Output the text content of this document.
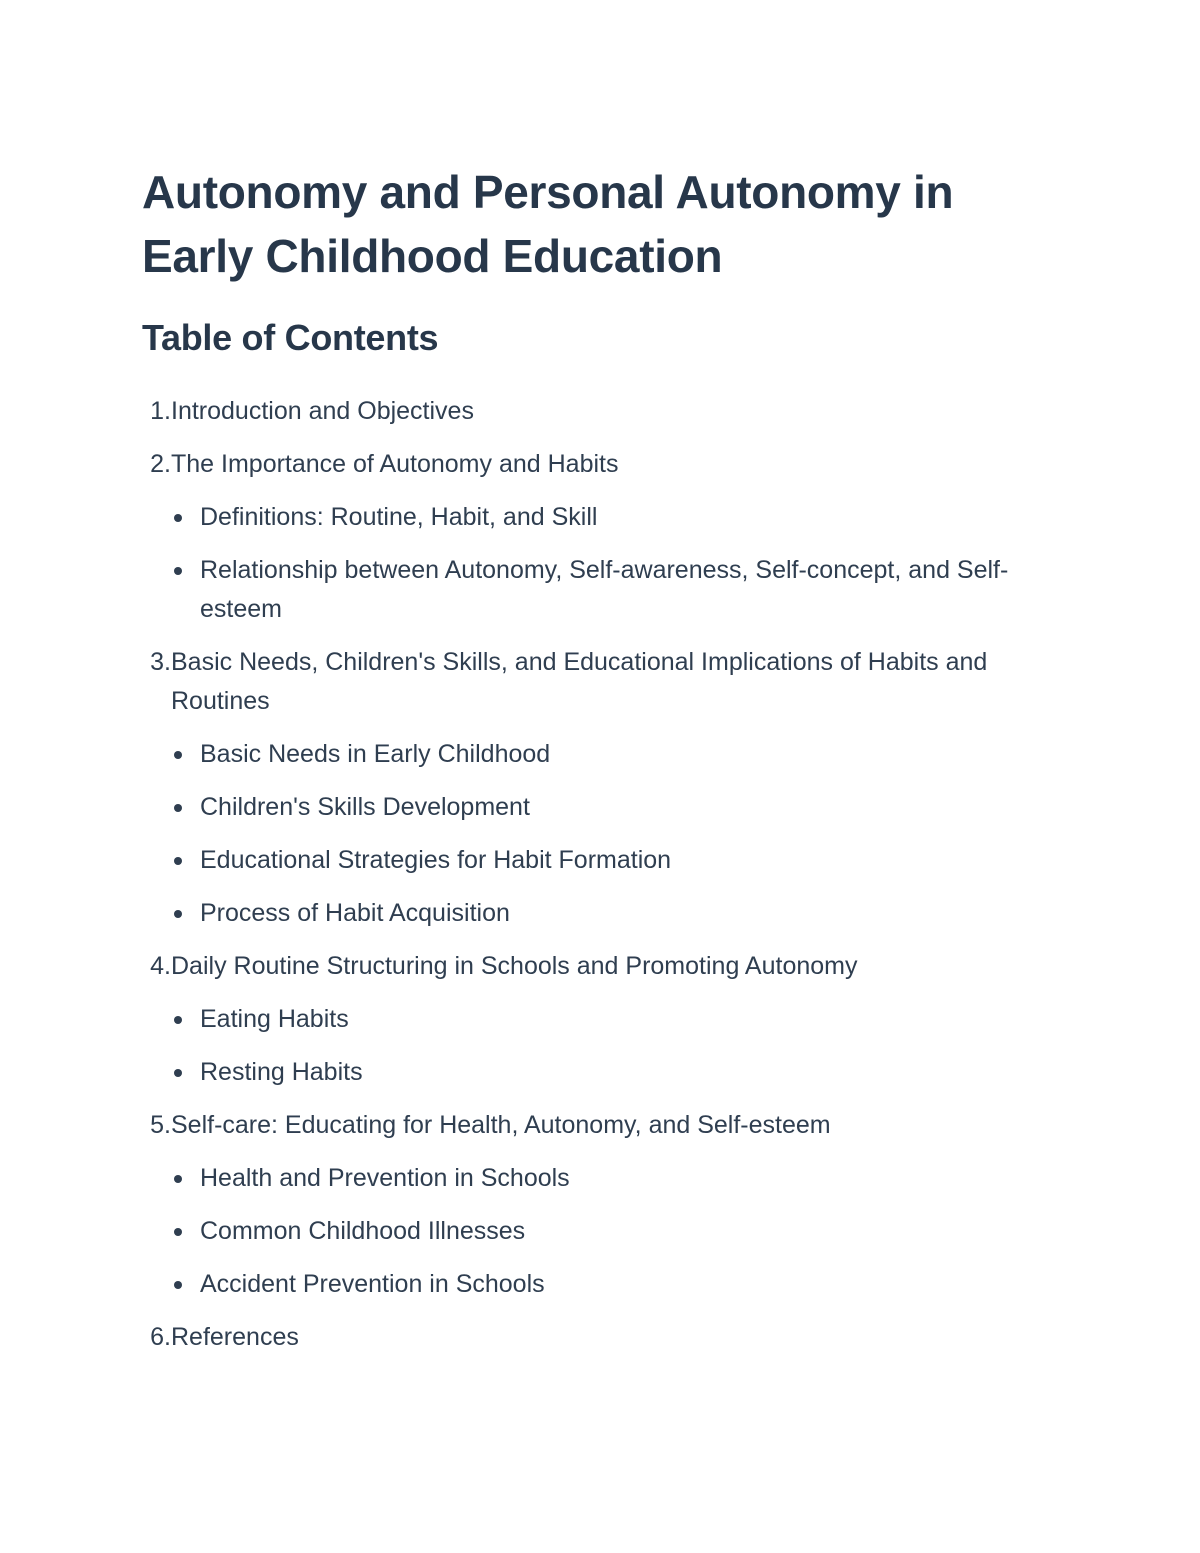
Autonomy and Personal Autonomy in Early Childhood Education
Table of Contents
1. Introduction and Objectives
2. The Importance of Autonomy and Habits
Definitions: Routine, Habit, and Skill
Relationship between Autonomy, Self-awareness, Self-concept, and Self-esteem
3. Basic Needs, Children's Skills, and Educational Implications of Habits and Routines
Basic Needs in Early Childhood
Children's Skills Development
Educational Strategies for Habit Formation
Process of Habit Acquisition
4. Daily Routine Structuring in Schools and Promoting Autonomy
Eating Habits
Resting Habits
5. Self-care: Educating for Health, Autonomy, and Self-esteem
Health and Prevention in Schools
Common Childhood Illnesses
Accident Prevention in Schools
6. References
